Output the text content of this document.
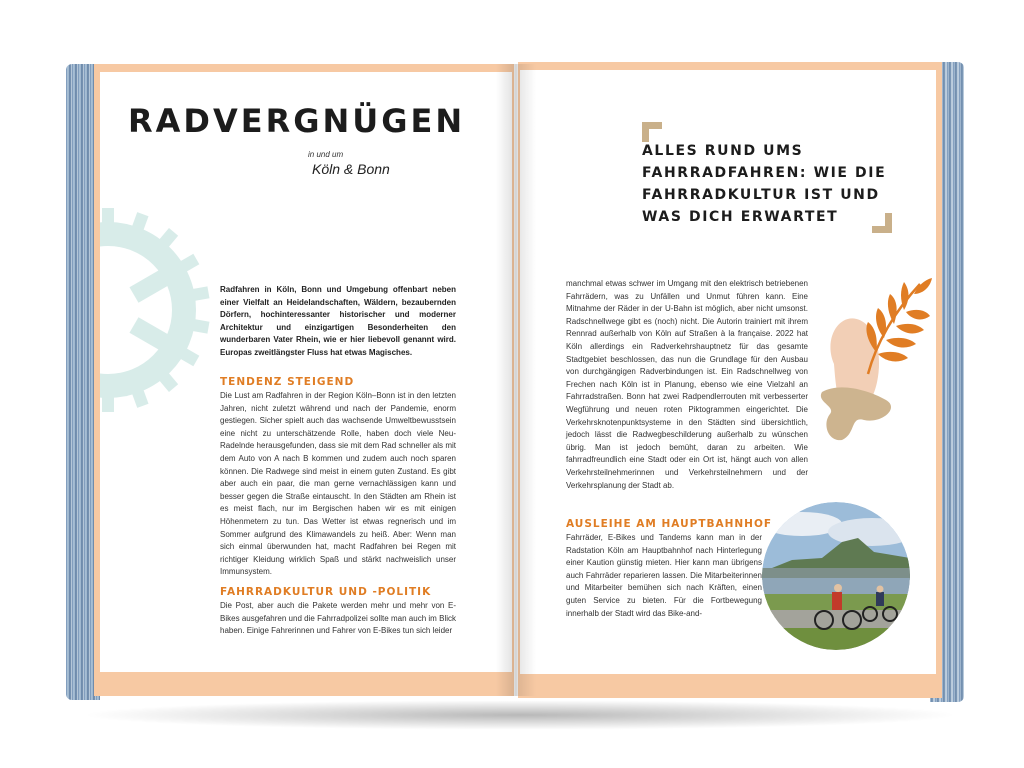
RADVERGNÜGEN
in und um
Köln & Bonn
Radfahren in Köln, Bonn und Umgebung offenbart neben einer Vielfalt an Heidelandschaften, Wäldern, bezaubernden Dörfern, hochinteressanter historischer und moderner Architektur und einzigartigen Besonderheiten den wunderbaren Vater Rhein, wie er hier liebevoll genannt wird. Europas zweitlängster Fluss hat etwas Magisches.
TENDENZ STEIGEND
Die Lust am Radfahren in der Region Köln–Bonn ist in den letzten Jahren, nicht zuletzt während und nach der Pandemie, enorm gestiegen. Sicher spielt auch das wachsende Umweltbewusstsein eine nicht zu unterschätzende Rolle, haben doch viele Neu-Radelnde herausgefunden, dass sie mit dem Rad schneller als mit dem Auto von A nach B kommen und zudem auch noch sparen können. Die Radwege sind meist in einem guten Zustand. Es gibt aber auch ein paar, die man gerne vernachlässigen kann und besser gegen die Straße eintauscht. In den Städten am Rhein ist es meist flach, nur im Bergischen haben wir es mit einigen Höhenmetern zu tun. Das Wetter ist etwas regnerisch und im Sommer aufgrund des Klimawandels zu heiß. Aber: Wenn man sich einmal überwunden hat, macht Radfahren bei Regen mit richtiger Kleidung wirklich Spaß und stärkt nachweislich unser Immunsystem.
FAHRRADKULTUR UND -POLITIK
Die Post, aber auch die Pakete werden mehr und mehr von E-Bikes ausgefahren und die Fahrradpolizei sollte man auch im Blick haben. Einige Fahrerinnen und Fahrer von E-Bikes tun sich leider
ALLES RUND UMS FAHRRADFAHREN: WIE DIE FAHRRADKULTUR IST UND WAS DICH ERWARTET
manchmal etwas schwer im Umgang mit den elektrisch betriebenen Fahrrädern, was zu Unfällen und Unmut führen kann. Eine Mitnahme der Räder in der U-Bahn ist möglich, aber nicht umsonst. Radschnellwege gibt es (noch) nicht. Die Autorin trainiert mit ihrem Rennrad außerhalb von Köln auf Straßen à la française. 2022 hat Köln allerdings ein Radverkehrshauptnetz für das gesamte Stadtgebiet beschlossen, das nun die Grundlage für den Ausbau von durchgängigen Radverbindungen ist. Ein Radschnellweg von Frechen nach Köln ist in Planung, ebenso wie eine Vielzahl an Fahrradstraßen. Bonn hat zwei Radpendlerrouten mit verbesserter Wegführung und neuen roten Piktogrammen eingerichtet. Die Verkehrsknotenpunktsysteme in den Städten sind übersichtlich, jedoch lässt die Radwegbeschilderung außerhalb zu wünschen übrig. Man ist jedoch bemüht, daran zu arbeiten. Wie fahrradfreundlich eine Stadt oder ein Ort ist, hängt auch von allen Verkehrsteilnehmerinnen und Verkehrsteilnehmern und der Verkehrsplanung der Stadt ab.
AUSLEIHE AM HAUPTBAHNHOF
Fahrräder, E-Bikes und Tandems kann man in der Radstation Köln am Hauptbahnhof nach Hinterlegung einer Kaution günstig mieten. Hier kann man übrigens auch Fahrräder reparieren lassen. Die Mitarbeiterinnen und Mitarbeiter bemühen sich nach Kräften, einen guten Service zu bieten. Für die Fortbewegung innerhalb der Stadt wird das Bike-and-
